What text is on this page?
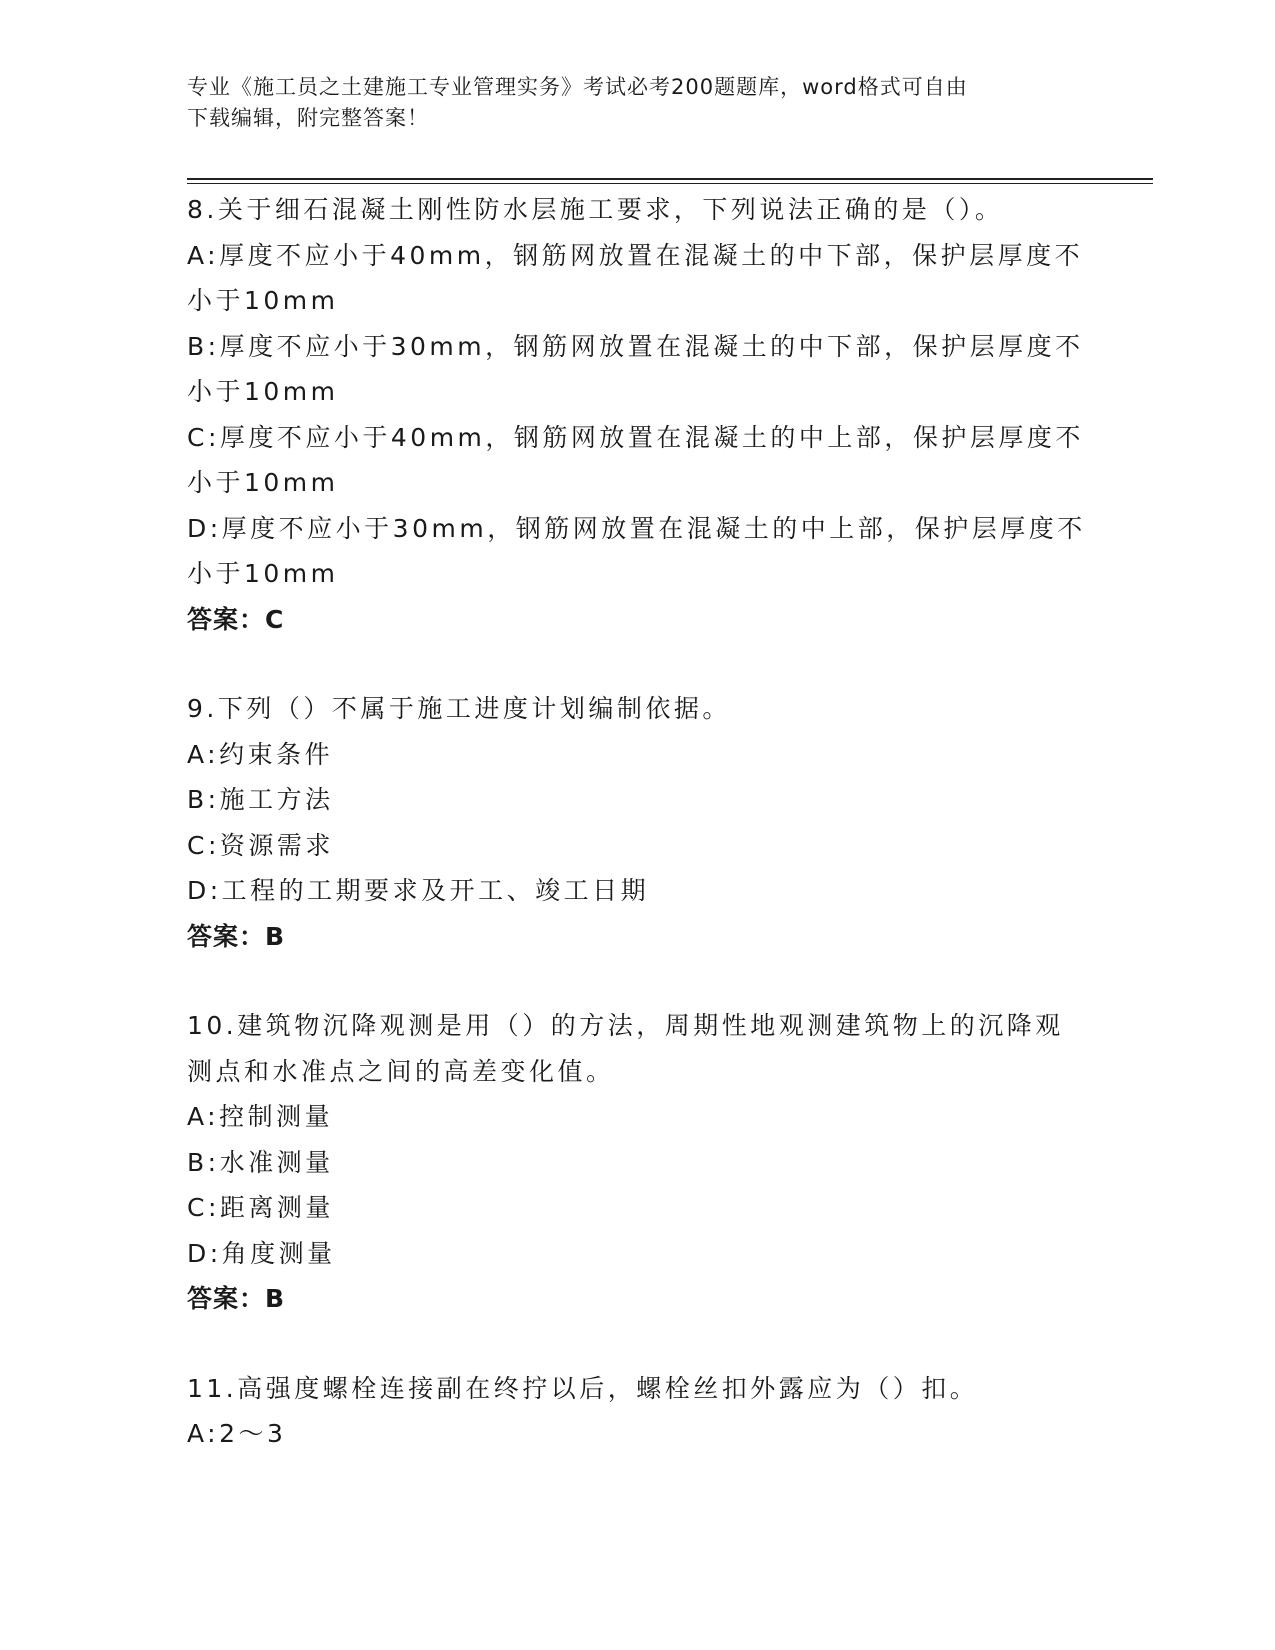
专业《施工员之土建施工专业管理实务》考试必考200题题库，word格式可自由
下载编辑，附完整答案！
8.关于细石混凝土刚性防水层施工要求，下列说法正确的是（）。
A:厚度不应小于40mm，钢筋网放置在混凝土的中下部，保护层厚度不
小于10mm
B:厚度不应小于30mm，钢筋网放置在混凝土的中下部，保护层厚度不
小于10mm
C:厚度不应小于40mm，钢筋网放置在混凝土的中上部，保护层厚度不
小于10mm
D:厚度不应小于30mm，钢筋网放置在混凝土的中上部，保护层厚度不
小于10mm
答案：C
9.下列（）不属于施工进度计划编制依据。
A:约束条件
B:施工方法
C:资源需求
D:工程的工期要求及开工、竣工日期
答案：B
10.建筑物沉降观测是用（）的方法，周期性地观测建筑物上的沉降观
测点和水准点之间的高差变化值。
A:控制测量
B:水准测量
C:距离测量
D:角度测量
答案：B
11.高强度螺栓连接副在终拧以后，螺栓丝扣外露应为（）扣。
A:2～3
